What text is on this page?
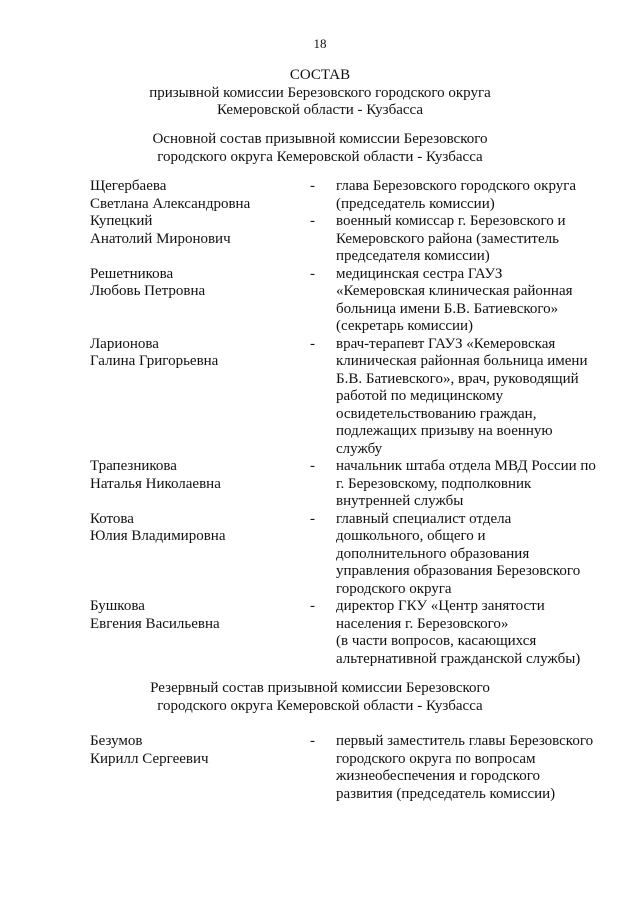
18
СОСТАВ
призывной комиссии Березовского городского округа
Кемеровской области - Кузбасса
Основной состав призывной комиссии Березовского
городского округа Кемеровской области - Кузбасса
Щегербаева
Светлана Александровна
-	глава Березовского городского округа
(председатель комиссии)
Купецкий
Анатолий Миронович
-	военный комиссар г. Березовского и
Кемеровского района (заместитель
председателя комиссии)
Решетникова
Любовь Петровна
-	медицинская сестра ГАУЗ
«Кемеровская клиническая районная
больница имени Б.В. Батиевского»
(секретарь комиссии)
Ларионова
Галина Григорьевна
-	врач-терапевт ГАУЗ «Кемеровская
клиническая районная больница имени
Б.В. Батиевского», врач, руководящий
работой по медицинскому
освидетельствованию граждан,
подлежащих призыву на военную
службу
Трапезникова
Наталья Николаевна
-	начальник штаба отдела МВД России по
г. Березовскому, подполковник
внутренней службы
Котова
Юлия Владимировна
-	главный специалист отдела
дошкольного, общего и
дополнительного образования
управления образования Березовского
городского округа
Бушкова
Евгения Васильевна
-	директор ГКУ «Центр занятости
населения г. Березовского»
(в части вопросов, касающихся
альтернативной гражданской службы)
Резервный состав призывной комиссии Березовского
городского округа Кемеровской области - Кузбасса
Безумов
Кирилл Сергеевич
-	первый заместитель главы Березовского
городского округа по вопросам
жизнеобеспечения и городского
развития (председатель комиссии)
